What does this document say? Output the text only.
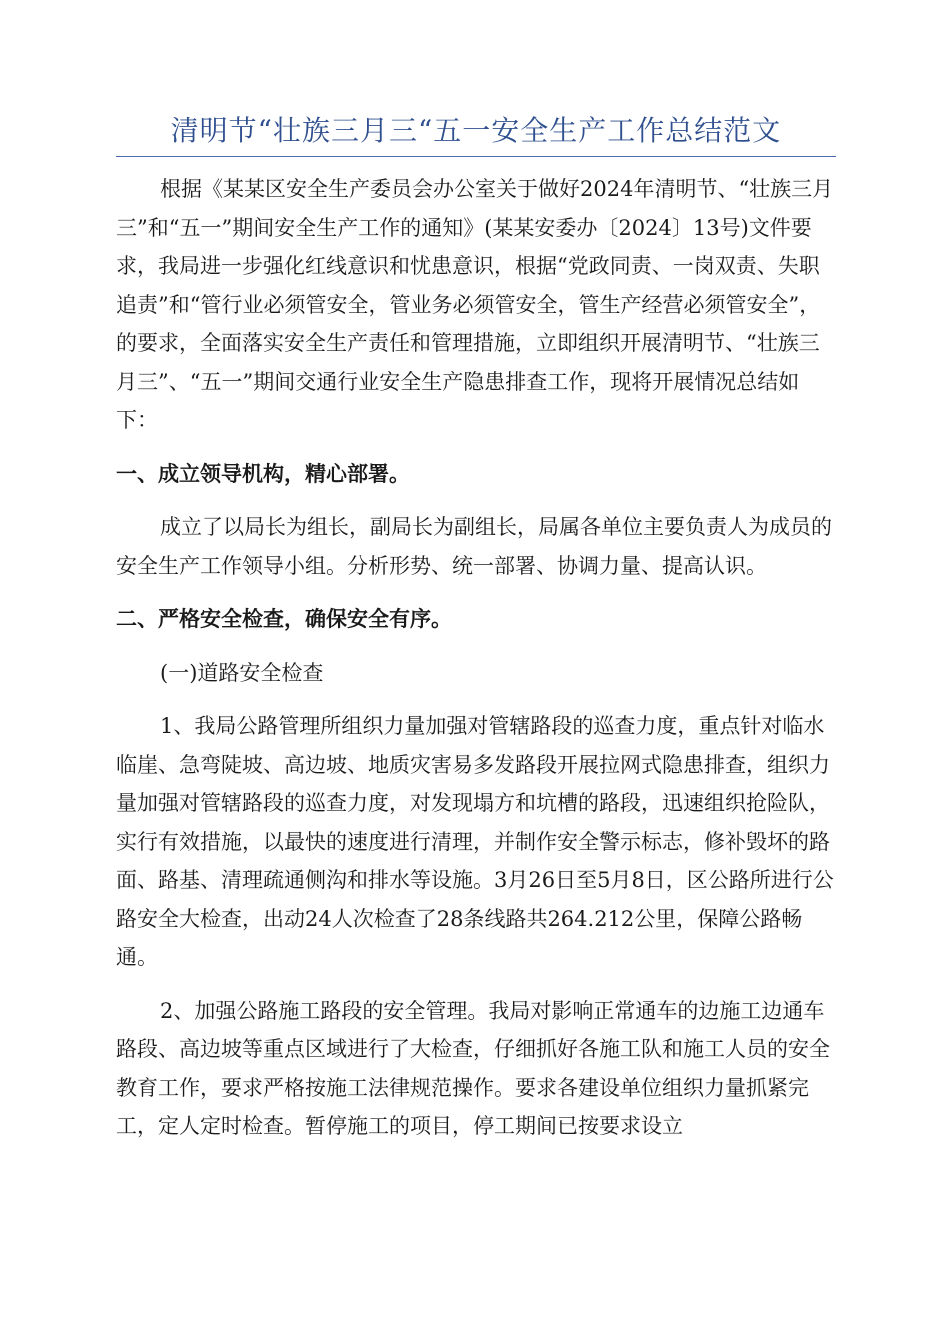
清明节“壮族三月三“五一安全生产工作总结范文

根据《某某区安全生产委员会办公室关于做好2024年清明节、“壮族三月三”和“五一”期间安全生产工作的通知》(某某安委办〔2024〕13号)文件要求，我局进一步强化红线意识和忧患意识，根据“党政同责、一岗双责、失职追责”和“管行业必须管安全，管业务必须管安全，管生产经营必须管安全”，的要求，全面落实安全生产责任和管理措施，立即组织开展清明节、“壮族三月三”、“五一”期间交通行业安全生产隐患排查工作，现将开展情况总结如下：

一、成立领导机构，精心部署。

成立了以局长为组长，副局长为副组长，局属各单位主要负责人为成员的安全生产工作领导小组。分析形势、统一部署、协调力量、提高认识。

二、严格安全检查，确保安全有序。

(一)道路安全检查

1、我局公路管理所组织力量加强对管辖路段的巡查力度，重点针对临水临崖、急弯陡坡、高边坡、地质灾害易多发路段开展拉网式隐患排查，组织力量加强对管辖路段的巡查力度，对发现塌方和坑槽的路段，迅速组织抢险队，实行有效措施，以最快的速度进行清理，并制作安全警示标志，修补毁坏的路面、路基、清理疏通侧沟和排水等设施。3月26日至5月8日，区公路所进行公路安全大检查，出动24人次检查了28条线路共264.212公里，保障公路畅通。

2、加强公路施工路段的安全管理。我局对影响正常通车的边施工边通车路段、高边坡等重点区域进行了大检查，仔细抓好各施工队和施工人员的安全教育工作，要求严格按施工法律规范操作。要求各建设单位组织力量抓紧完工，定人定时检查。暂停施工的项目，停工期间已按要求设立
